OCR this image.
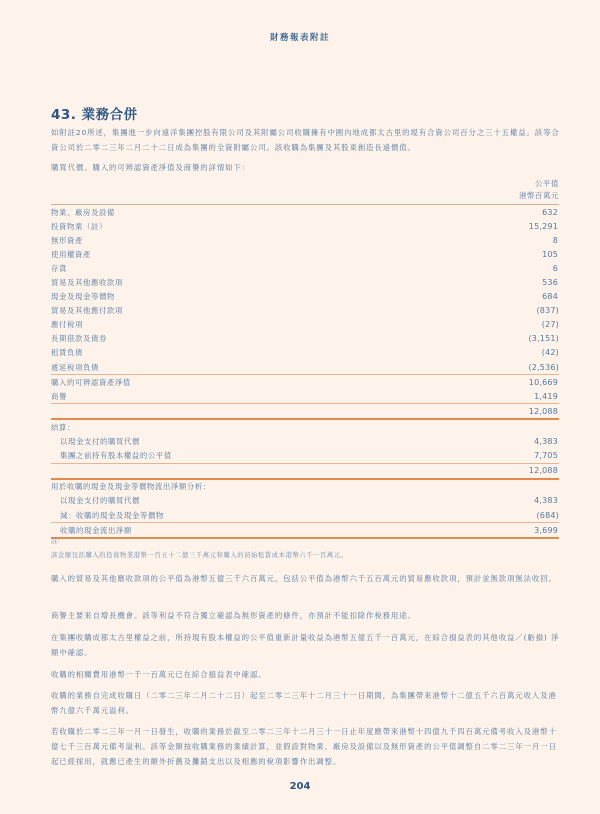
財務報表附註
43. 業務合併
如附註20所述，集團進一步向遠洋集團控股有限公司及其附屬公司收購擁有中國內地成都太古里的現有合資公司百分之三十五權益。該等合資公司於二零二三年二月二十二日成為集團的全資附屬公司。該收購為集團及其股東創造長遠價值。
購買代價、購入的可辨認資產淨值及商譽的詳情如下：
公平值
港幣百萬元
物業、廠房及設備	632
投資物業（註）	15,291
無形資產	8
使用權資產	105
存貨	6
貿易及其他應收款項	536
現金及現金等價物	684
貿易及其他應付款項	(837)
應付稅項	(27)
長期借款及債券	(3,151)
租賃負債	(42)
遞延稅項負債	(2,536)
購入的可辨認資產淨值	10,669
商譽	1,419
12,088
結算：
以現金支付的購買代價	4,383
集團之前持有股本權益的公平值	7,705
12,088
用於收購的現金及現金等價物流出淨額分析：
以現金支付的購買代價	4,383
減：收購的現金及現金等價物	(684)
收購的現金流出淨額	3,699
註：
該金額包括購入的投資物業港幣一百五十二億三千萬元和購入的初始租賃成本港幣六千一百萬元。
購入的貿易及其他應收款項的公平值為港幣五億三千六百萬元，包括公平值為港幣六千五百萬元的貿易應收款項，預計並無款項無法收回。
商譽主要來自增長機會。該等利益不符合獨立確認為無形資產的條件，亦預計不能扣除作稅務用途。
在集團收購成都太古里權益之前，所持現有股本權益的公平值重新計量收益為港幣五億五千一百萬元，在綜合損益表的其他收益／(虧損) 淨額中確認。
收購的相關費用港幣一千一百萬元已在綜合損益表中確認。
收購的業務自完成收購日（二零二三年二月二十二日）起至二零二三年十二月三十一日期間，為集團帶來港幣十二億五千六百萬元收入及港幣九億六千萬元溢利。
若收購於二零二三年一月一日發生，收購的業務於截至二零二三年十二月三十一日止年度應帶來港幣十四億九千四百萬元備考收入及港幣十億七千三百萬元備考溢利。該等金額按收購業務的業績計算，並假設對物業、廠房及設備以及無形資產的公平值調整自二零二三年一月一日起已經採用，就應已產生的額外折舊及攤銷支出以及相應的稅項影響作出調整。
204
